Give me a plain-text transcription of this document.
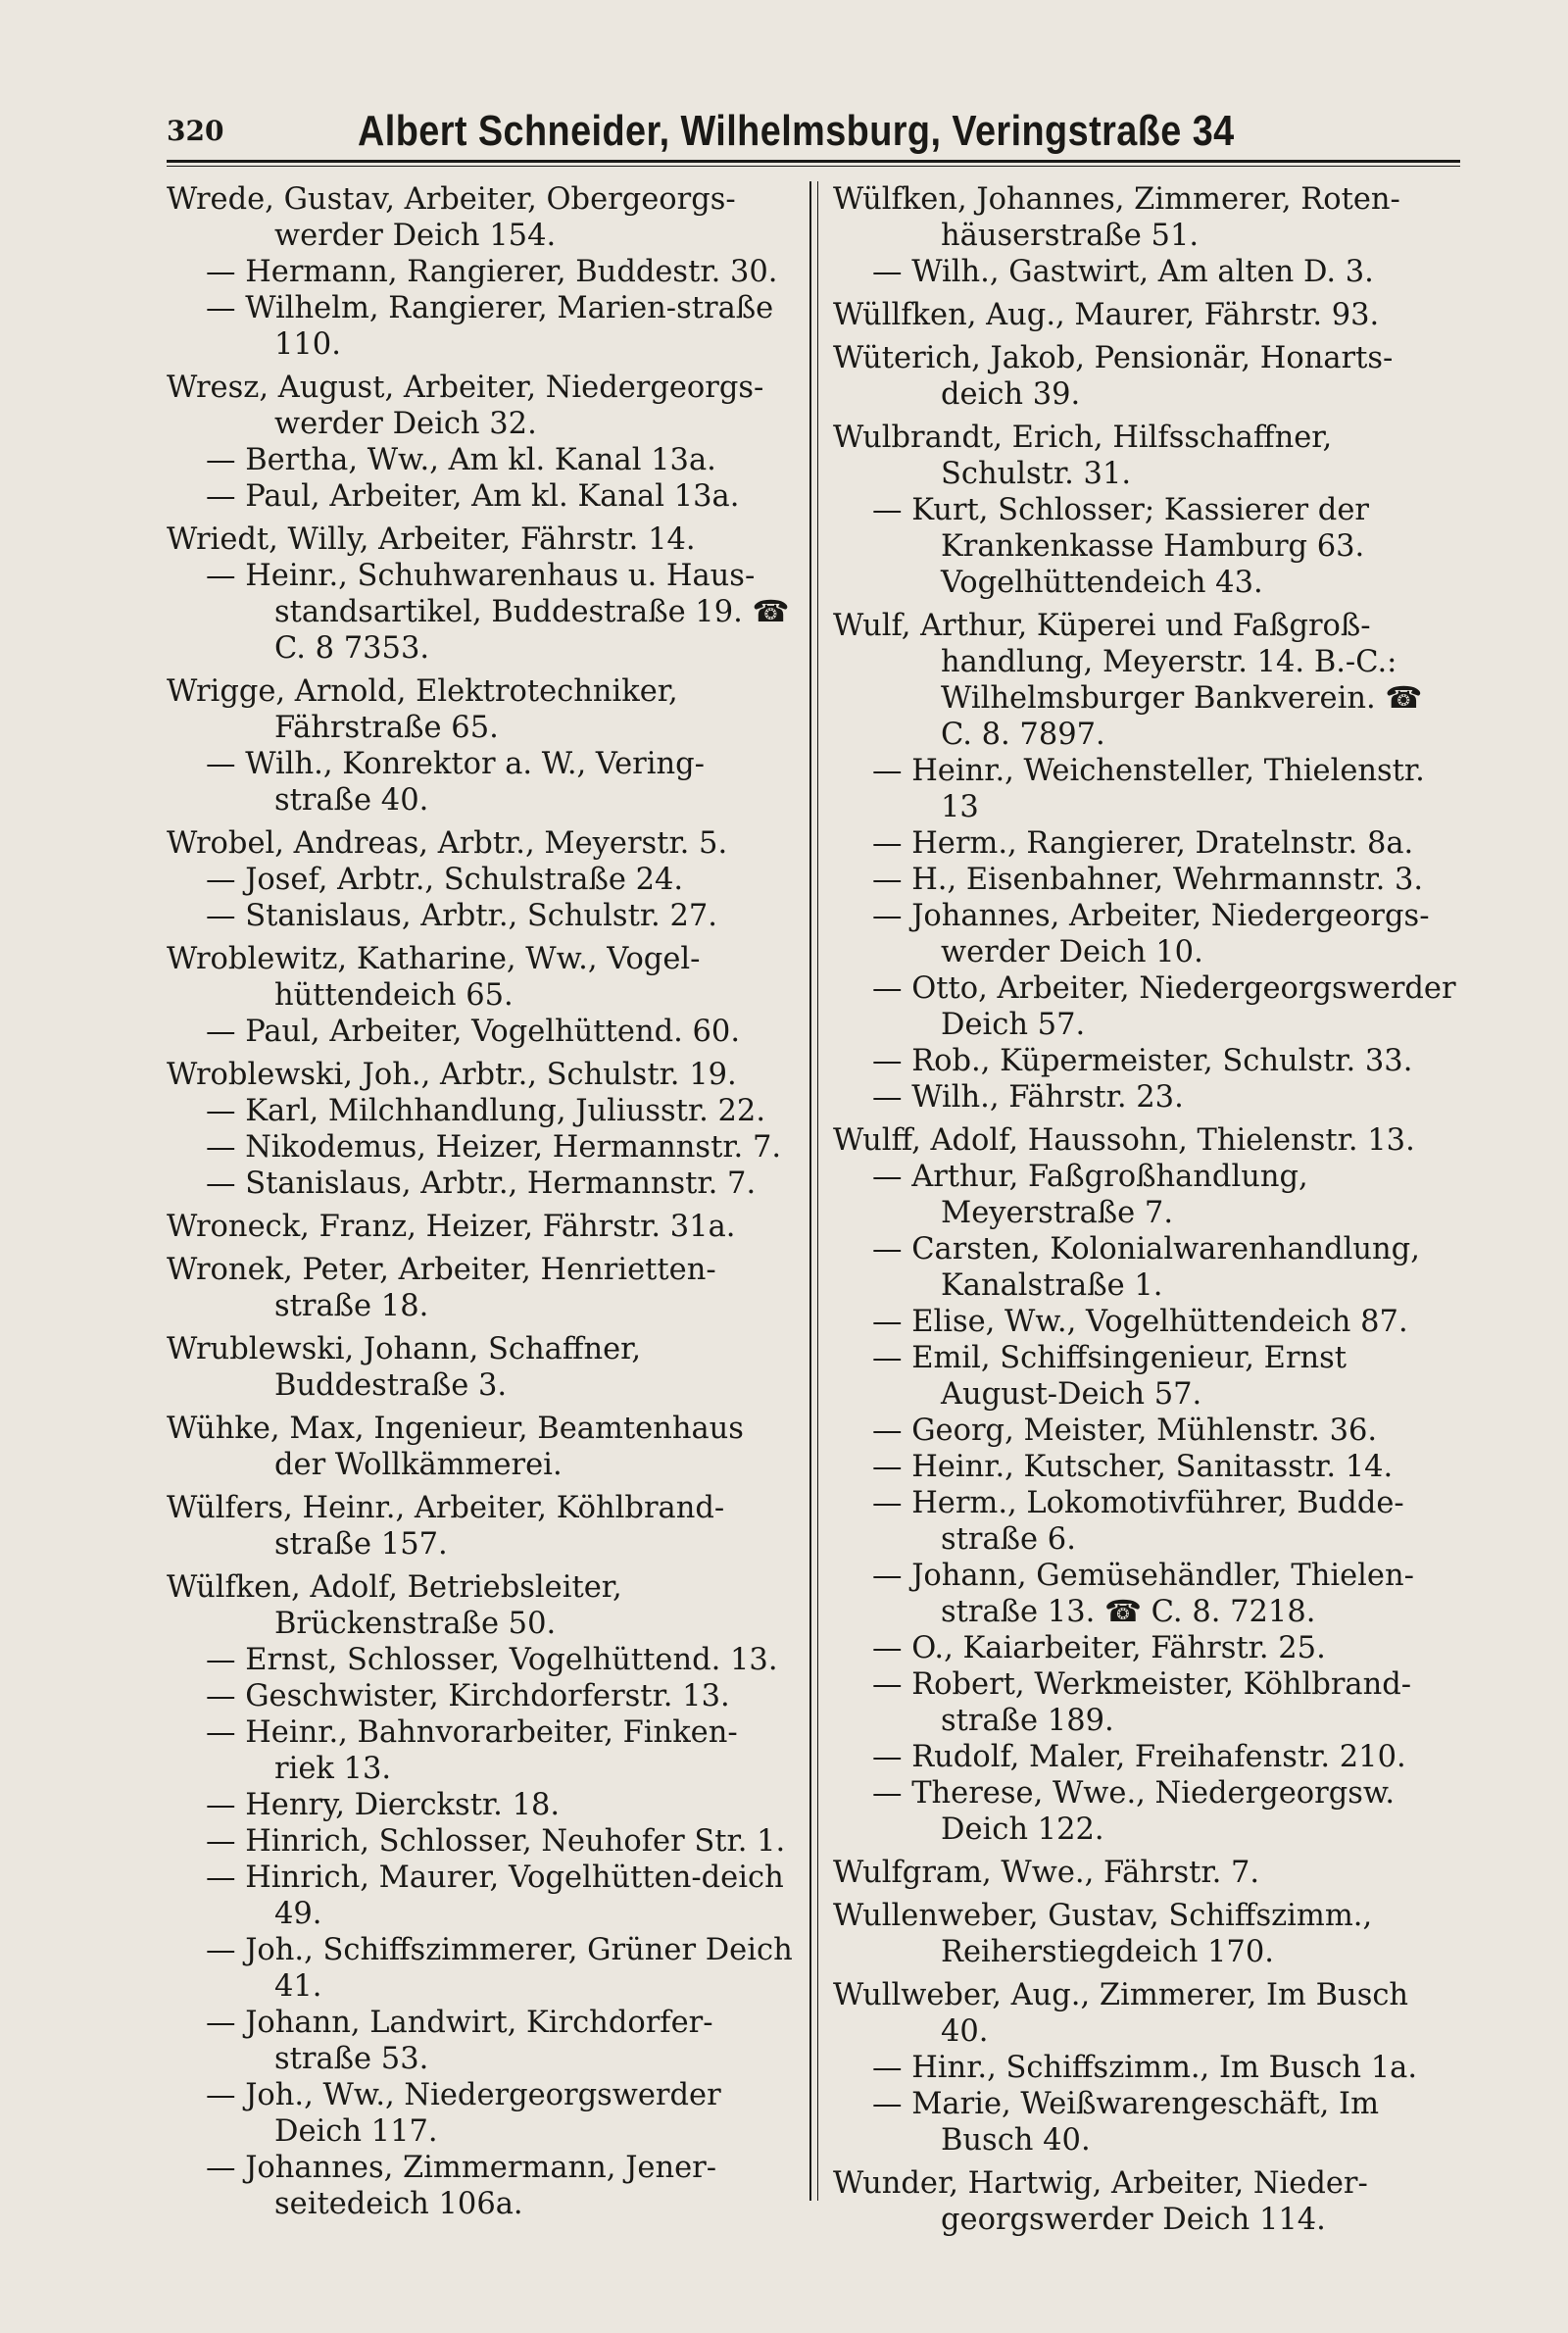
320	Albert Schneider, Wilhelmsburg, Veringstraße 34

Wrede, Gustav, Arbeiter, Obergeorgs-werder Deich 154.

— Hermann, Rangierer, Buddestr. 30.

— Wilhelm, Rangierer, Marien-straße 110.

Wresz, August, Arbeiter, Niedergeorgs-werder Deich 32.

— Bertha, Ww., Am kl. Kanal 13a.

— Paul, Arbeiter, Am kl. Kanal 13a.

Wriedt, Willy, Arbeiter, Fährstr. 14.

— Heinr., Schuhwarenhaus u. Haus-standsartikel, Buddestraße 19. ☎ C. 8 7353.

Wrigge, Arnold, Elektrotechniker, Fährstraße 65.

— Wilh., Konrektor a. W., Vering-straße 40.

Wrobel, Andreas, Arbtr., Meyerstr. 5.

— Josef, Arbtr., Schulstraße 24.

— Stanislaus, Arbtr., Schulstr. 27.

Wroblewitz, Katharine, Ww., Vogel-hüttendeich 65.

— Paul, Arbeiter, Vogelhüttend. 60.

Wroblewski, Joh., Arbtr., Schulstr. 19.

— Karl, Milchhandlung, Juliusstr. 22.

— Nikodemus, Heizer, Hermannstr. 7.

— Stanislaus, Arbtr., Hermannstr. 7.

Wroneck, Franz, Heizer, Fährstr. 31a.

Wronek, Peter, Arbeiter, Henrietten-straße 18.

Wrublewski, Johann, Schaffner, Buddestraße 3.

Wühke, Max, Ingenieur, Beamtenhaus der Wollkämmerei.

Wülfers, Heinr., Arbeiter, Köhlbrand-straße 157.

Wülfken, Adolf, Betriebsleiter, Brückenstraße 50.

— Ernst, Schlosser, Vogelhüttend. 13.

— Geschwister, Kirchdorferstr. 13.

— Heinr., Bahnvorarbeiter, Finken-riek 13.

— Henry, Dierckstr. 18.

— Hinrich, Schlosser, Neuhofer Str. 1.

— Hinrich, Maurer, Vogelhütten-deich 49.

— Joh., Schiffszimmerer, Grüner Deich 41.

— Johann, Landwirt, Kirchdorfer-straße 53.

— Joh., Ww., Niedergeorgswerder Deich 117.

— Johannes, Zimmermann, Jener-seitedeich 106a.

Wülfken, Johannes, Zimmerer, Roten-häuserstraße 51.

— Wilh., Gastwirt, Am alten D. 3.

Wüllfken, Aug., Maurer, Fährstr. 93.

Wüterich, Jakob, Pensionär, Honarts-deich 39.

Wulbrandt, Erich, Hilfsschaffner, Schulstr. 31.

— Kurt, Schlosser; Kassierer der Krankenkasse Hamburg 63. Vogelhüttendeich 43.

Wulf, Arthur, Küperei und Faßgroß-handlung, Meyerstr. 14. B.-C.: Wilhelmsburger Bankverein. ☎ C. 8. 7897.

— Heinr., Weichensteller, Thielenstr. 13

— Herm., Rangierer, Dratelnstr. 8a.

— H., Eisenbahner, Wehrmannstr. 3.

— Johannes, Arbeiter, Niedergeorgs-werder Deich 10.

— Otto, Arbeiter, Niedergeorgswerder Deich 57.

— Rob., Küpermeister, Schulstr. 33.

— Wilh., Fährstr. 23.

Wulff, Adolf, Haussohn, Thielenstr. 13.

— Arthur, Faßgroßhandlung, Meyerstraße 7.

— Carsten, Kolonialwarenhandlung, Kanalstraße 1.

— Elise, Ww., Vogelhüttendeich 87.

— Emil, Schiffsingenieur, Ernst August-Deich 57.

— Georg, Meister, Mühlenstr. 36.

— Heinr., Kutscher, Sanitasstr. 14.

— Herm., Lokomotivführer, Budde-straße 6.

— Johann, Gemüsehändler, Thielen-straße 13. ☎ C. 8. 7218.

— O., Kaiarbeiter, Fährstr. 25.

— Robert, Werkmeister, Köhlbrand-straße 189.

— Rudolf, Maler, Freihafenstr. 210.

— Therese, Wwe., Niedergeorgsw. Deich 122.

Wulfgram, Wwe., Fährstr. 7.

Wullenweber, Gustav, Schiffszimm., Reiherstiegdeich 170.

Wullweber, Aug., Zimmerer, Im Busch 40.

— Hinr., Schiffszimm., Im Busch 1a.

— Marie, Weißwarengeschäft, Im Busch 40.

Wunder, Hartwig, Arbeiter, Nieder-georgswerder Deich 114.
